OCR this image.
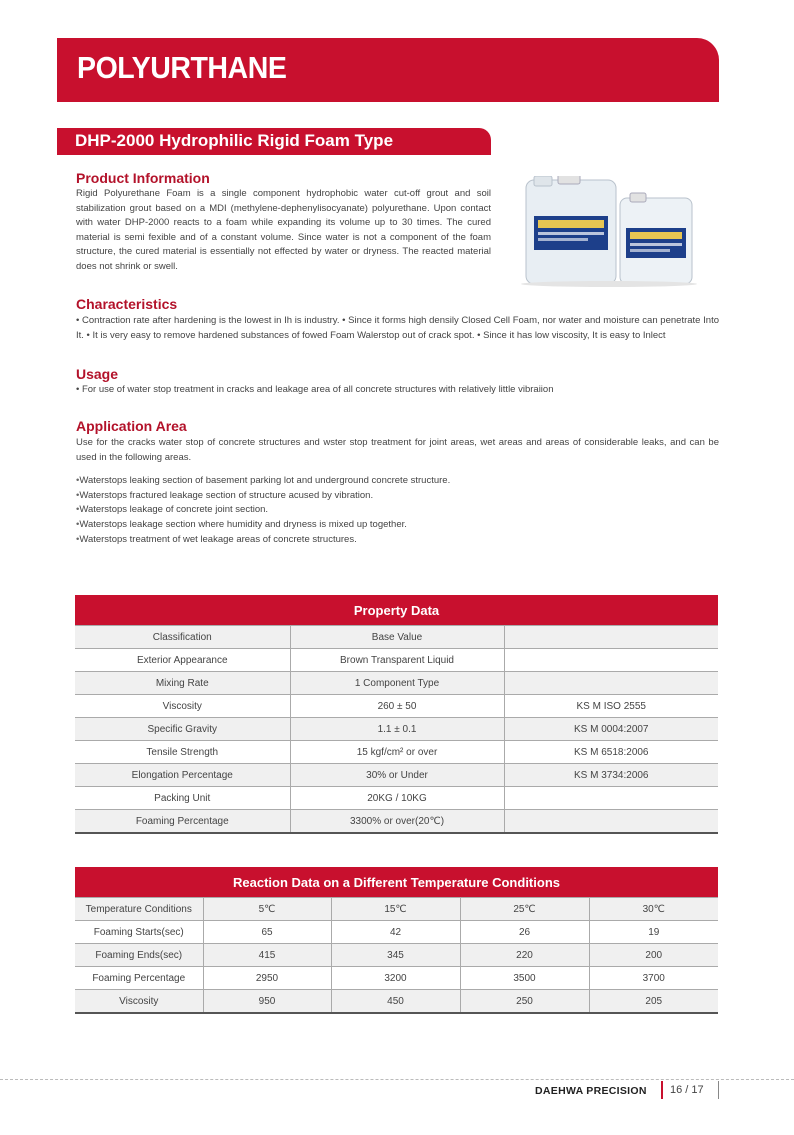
POLYURTHANE
DHP-2000 Hydrophilic Rigid Foam Type
Product Information
Rigid Polyurethane Foam is a single component hydrophobic water cut-off grout and soil stabilization grout based on a MDI (methylene-dephenylisocyanate) polyurethane. Upon contact with water DHP-2000 reacts to a foam while expanding its volume up to 30 times. The cured material is semi fexible and of a constant volume. Since water is not a component of the foam structure, the cured material is essentially not effected by water or dryness. The reacted material does not shrink or swell.
Characteristics
• Contraction rate after hardening is the lowest in Ih is industry. • Since it forms high densily Closed Cell Foam, nor water and moisture can penetrate Into It. • It is very easy to remove hardened substances of fowed Foam Walerstop out of crack spot. • Since it has low viscosity, It is easy to Inlect
Usage
• For use of water stop treatment in cracks and leakage area of all concrete structures with relatively little vibraiion
Application Area
Use for the cracks water stop of concrete structures and wster stop treatment for joint areas, wet areas and areas of considerable leaks, and can be used in the following areas.
• Waterstops leaking section of basement parking lot and underground concrete structure.
• Waterstops fractured leakage section of structure acused by vibration.
• Waterstops leakage of concrete joint section.
• Waterstops leakage section where humidity and dryness is mixed up together.
• Waterstops treatment of wet leakage areas of concrete structures.
Property Data		
Classification	Base Value	
Exterior Appearance	Brown Transparent Liquid	
Mixing Rate	1 Component Type	
Viscosity	260 ± 50	KS M ISO 2555
Specific Gravity	1.1 ± 0.1	KS M 0004:2007
Tensile Strength	15 kgf/cm² or over	KS M 6518:2006
Elongation Percentage	30% or Under	KS M 3734:2006
Packing Unit	20KG / 10KG	
Foaming Percentage	3300% or over(20℃)	
Reaction Data on a Different Temperature Conditions				
Temperature Conditions	5℃	15℃	25℃	30℃
Foaming Starts(sec)	65	42	26	19
Foaming Ends(sec)	415	345	220	200
Foaming Percentage	2950	3200	3500	3700
Viscosity	950	450	250	205
DAEHWA PRECISION 16 / 17
